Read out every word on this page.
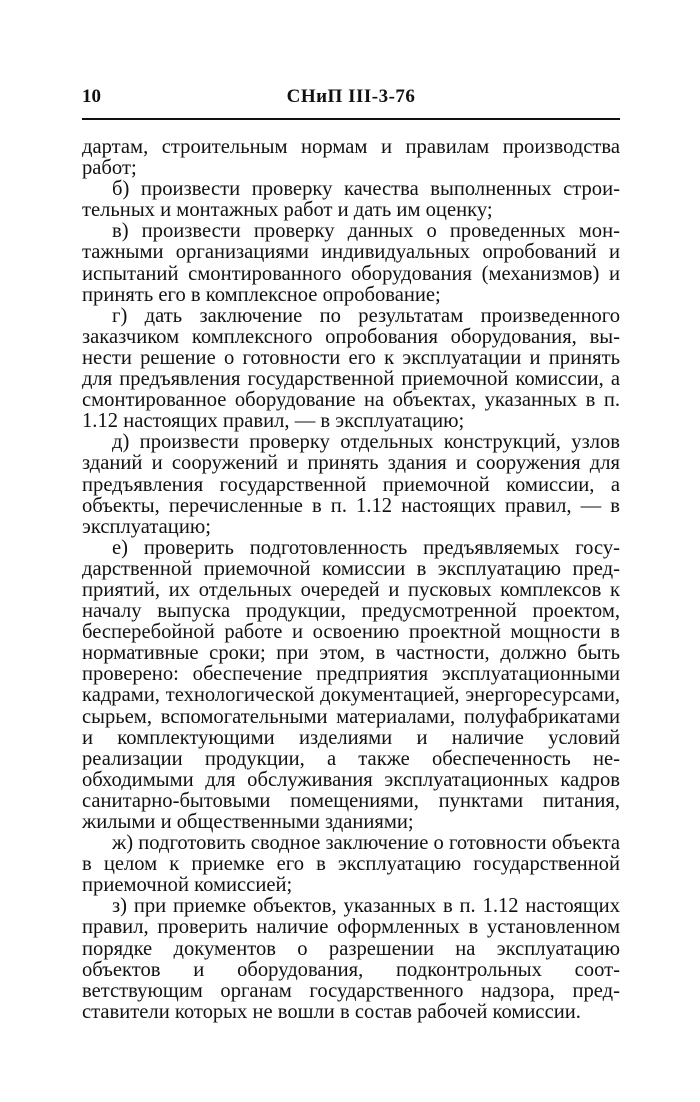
10	СНиП III-3-76

дартам, строительным нормам и правилам производства работ;

б) произвести проверку качества выполненных строительных и монтажных работ и дать им оценку;

в) произвести проверку данных о проведенных монтажными организациями индивидуальных опробований и испытаний смонтированного оборудования (механизмов) и принять его в комплексное опробование;

г) дать заключение по результатам произведенного заказчиком комплексного опробования оборудования, вынести решение о готовности его к эксплуатации и принять для предъявления государственной приемочной комиссии, а смонтированное оборудование на объектах, указанных в п. 1.12 настоящих правил, — в эксплуатацию;

д) произвести проверку отдельных конструкций, узлов зданий и сооружений и принять здания и сооружения для предъявления государственной приемочной комиссии, а объекты, перечисленные в п. 1.12 настоящих правил, — в эксплуатацию;

е) проверить подготовленность предъявляемых государственной приемочной комиссии в эксплуатацию предприятий, их отдельных очередей и пусковых комплексов к началу выпуска продукции, предусмотренной проектом, бесперебойной работе и освоению проектной мощности в нормативные сроки; при этом, в частности, должно быть проверено: обеспечение предприятия эксплуатационными кадрами, технологической документацией, энергоресурсами, сырьем, вспомогательными материалами, полуфабрикатами и комплектующими изделиями и наличие условий реализации продукции, а также обеспеченность необходимыми для обслуживания эксплуатационных кадров санитарно-бытовыми помещениями, пунктами питания, жилыми и общественными зданиями;

ж) подготовить сводное заключение о готовности объекта в целом к приемке его в эксплуатацию государственной приемочной комиссией;

з) при приемке объектов, указанных в п. 1.12 настоящих правил, проверить наличие оформленных в установленном порядке документов о разрешении на эксплуатацию объектов и оборудования, подконтрольных соответствующим органам государственного надзора, представители которых не вошли в состав рабочей комиссии.
